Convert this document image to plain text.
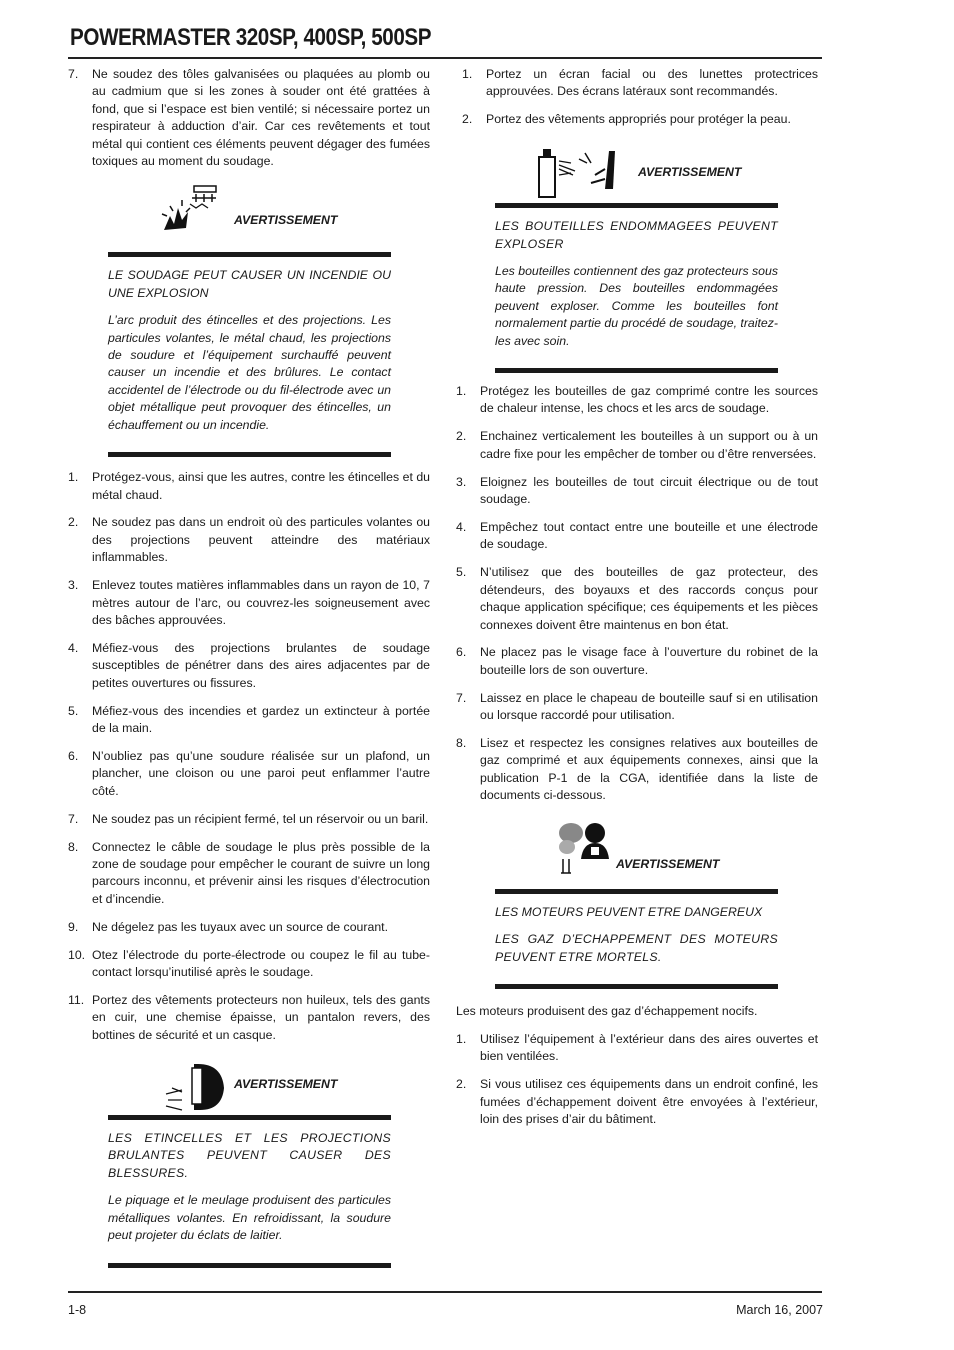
POWERMASTER 320SP, 400SP, 500SP
7.	Ne soudez des tôles galvanisées ou plaquées au plomb ou au cadmium que si les zones à souder ont été grattées à fond, que si l’espace est bien ventilé; si nécessaire portez un respirateur à adduction d’air. Car ces revêtements et tout métal qui contient ces éléments peuvent dégager des fumées toxiques au moment du soudage.
AVERTISSEMENT

LE SOUDAGE PEUT CAUSER UN INCENDIE OU UNE EXPLOSION

L’arc produit des étincelles et des projections. Les particules volantes, le métal chaud, les projections de soudure et l’équipement surchauffé peuvent causer un incendie et des brûlures. Le contact accidentel de l’électrode ou du fil-électrode avec un objet métallique peut provoquer des étincelles, un échauffement ou un incendie.

1.	Protégez-vous, ainsi que les autres, contre les étincelles et du métal chaud.
2.	Ne soudez pas dans un endroit où des particules volantes ou des projections peuvent atteindre des matériaux inflammables.
3.	Enlevez toutes matières inflammables dans un rayon de 10, 7 mètres autour de l’arc, ou couvrez-les soigneusement avec des bâches approuvées.
4.	Méfiez-vous des projections brulantes de soudage susceptibles de pénétrer dans des aires adjacentes par de petites ouvertures ou fissures.
5.	Méfiez-vous des incendies et gardez un extincteur à portée de la main.
6.	N’oubliez pas qu’une soudure réalisée sur un plafond, un plancher, une cloison ou une paroi peut enflammer l’autre côté.
7.	Ne soudez pas un récipient fermé, tel un réservoir ou un baril.
8.	Connectez le câble de soudage le plus près possible de la zone de soudage pour empêcher le courant de suivre un long parcours inconnu, et prévenir ainsi les risques d’électrocution et d’incendie.
9.	Ne dégelez pas les tuyaux avec un source de courant.
10. Otez l’électrode du porte-électrode ou coupez le fil au tube-contact lorsqu’inutilisé après le soudage.
11. Portez des vêtements protecteurs non huileux, tels des gants en cuir, une chemise épaisse, un pantalon revers, des bottines de sécurité et un casque.
AVERTISSEMENT

LES ETINCELLES ET LES PROJECTIONS BRULANTES PEUVENT CAUSER DES BLESSURES.

Le piquage et le meulage produisent des particules métalliques volantes. En refroidissant, la soudure peut projeter du éclats de laitier.

1.	Portez un écran facial ou des lunettes protectrices approuvées. Des écrans latéraux sont recommandés.
2.	Portez des vêtements appropriés pour protéger la peau.
AVERTISSEMENT

LES BOUTEILLES ENDOMMAGEES PEUVENT EXPLOSER

Les bouteilles contiennent des gaz protecteurs sous haute pression. Des bouteilles endommagées peuvent exploser. Comme les bouteilles font normalement partie du procédé de soudage, traitez-les avec soin.

1.	Protégez les bouteilles de gaz comprimé contre les sources de chaleur intense, les chocs et les arcs de soudage.
2.	Enchainez verticalement les bouteilles à un support ou à un cadre fixe pour les empêcher de tomber ou d’être renversées.
3.	Eloignez les bouteilles de tout circuit électrique ou de tout soudage.
4.	Empêchez tout contact entre une bouteille et une électrode de soudage.
5.	N’utilisez que des bouteilles de gaz protecteur, des détendeurs, des boyauxs et des raccords conçus pour chaque application spécifique; ces équipements et les pièces connexes doivent être maintenus en bon état.
6.	Ne placez pas le visage face à l’ouverture du robinet de la bouteille lors de son ouverture.
7.	Laissez en place le chapeau de bouteille sauf si en utilisation ou lorsque raccordé pour utilisation.
8.	Lisez et respectez les consignes relatives aux bouteilles de gaz comprimé et aux équipements connexes, ainsi que la publication P-1 de la CGA, identifiée dans la liste de documents ci-dessous.
AVERTISSEMENT

LES MOTEURS PEUVENT ETRE DANGEREUX

LES GAZ D’ECHAPPEMENT DES MOTEURS PEUVENT ETRE MORTELS.

Les moteurs produisent des gaz d’échappement nocifs.
1.	Utilisez l’équipement à l’extérieur dans des aires ouvertes et bien ventilées.
2.	Si vous utilisez ces équipements dans un endroit confiné, les fumées d’échappement doivent être envoyées à l’extérieur, loin des prises d’air du bâtiment.
1-8	March 16, 2007
